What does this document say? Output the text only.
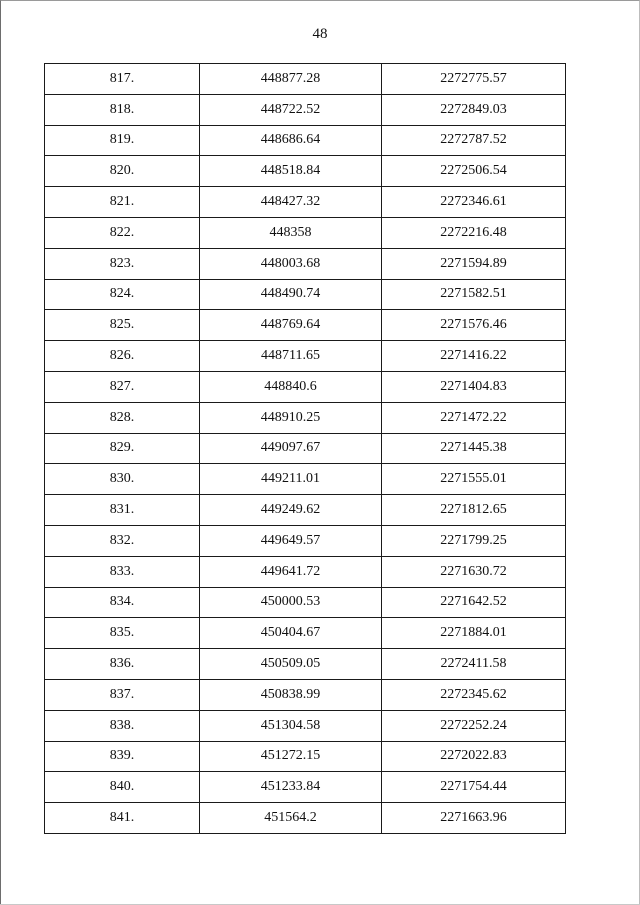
48
817.	448877.28	2272775.57
818.	448722.52	2272849.03
819.	448686.64	2272787.52
820.	448518.84	2272506.54
821.	448427.32	2272346.61
822.	448358	2272216.48
823.	448003.68	2271594.89
824.	448490.74	2271582.51
825.	448769.64	2271576.46
826.	448711.65	2271416.22
827.	448840.6	2271404.83
828.	448910.25	2271472.22
829.	449097.67	2271445.38
830.	449211.01	2271555.01
831.	449249.62	2271812.65
832.	449649.57	2271799.25
833.	449641.72	2271630.72
834.	450000.53	2271642.52
835.	450404.67	2271884.01
836.	450509.05	2272411.58
837.	450838.99	2272345.62
838.	451304.58	2272252.24
839.	451272.15	2272022.83
840.	451233.84	2271754.44
841.	451564.2	2271663.96
